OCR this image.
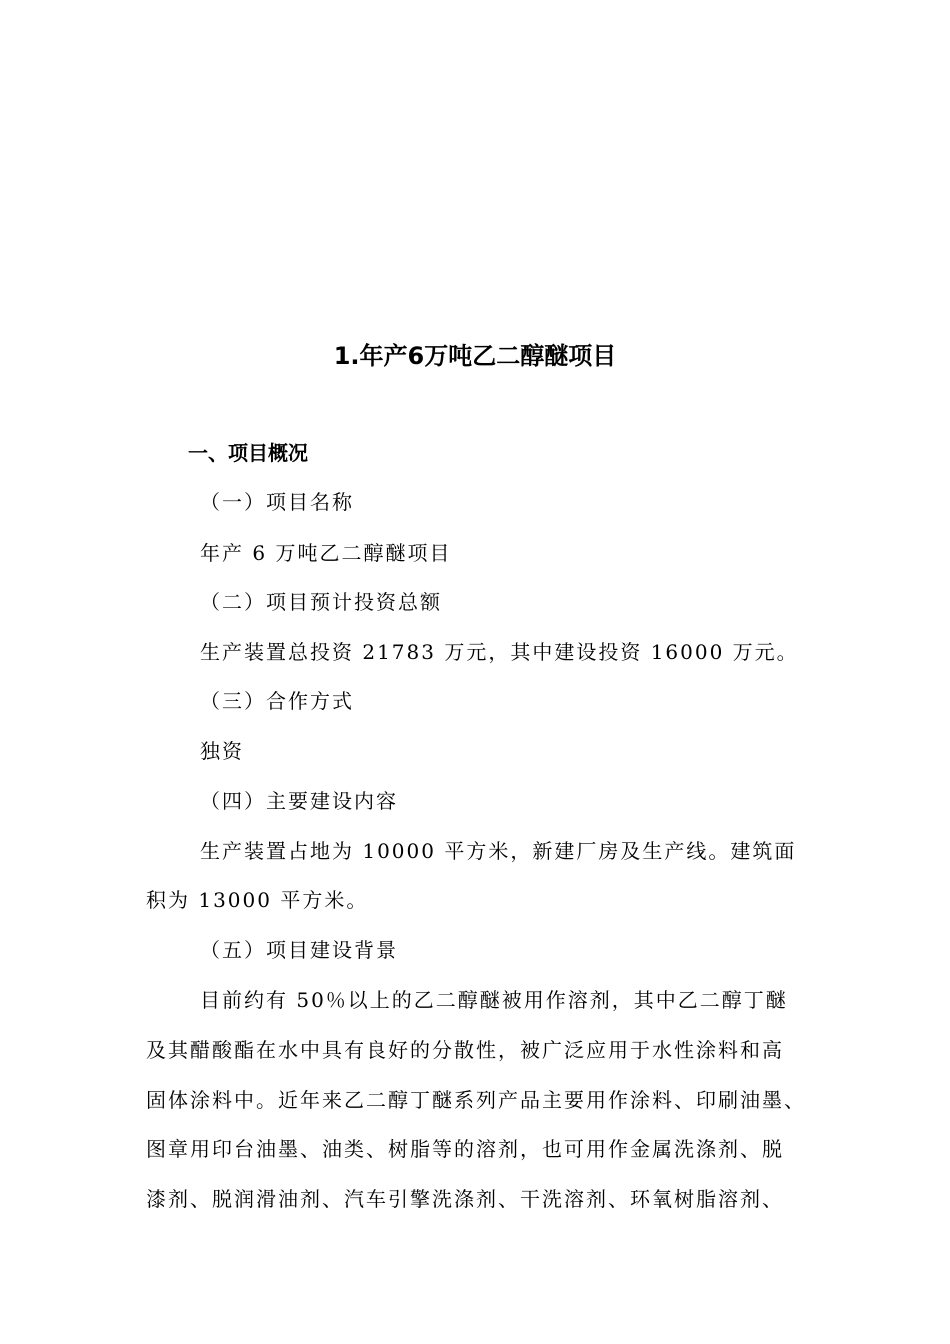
1.年产6万吨乙二醇醚项目
一、项目概况
（一）项目名称
年产 6 万吨乙二醇醚项目
（二）项目预计投资总额
生产装置总投资 21783 万元，其中建设投资 16000 万元。
（三）合作方式
独资
（四）主要建设内容
生产装置占地为 10000 平方米，新建厂房及生产线。建筑面
积为 13000 平方米。
（五）项目建设背景
目前约有 50％以上的乙二醇醚被用作溶剂，其中乙二醇丁醚
及其醋酸酯在水中具有良好的分散性，被广泛应用于水性涂料和高
固体涂料中。近年来乙二醇丁醚系列产品主要用作涂料、印刷油墨、
图章用印台油墨、油类、树脂等的溶剂，也可用作金属洗涤剂、脱
漆剂、脱润滑油剂、汽车引擎洗涤剂、干洗溶剂、环氧树脂溶剂、
